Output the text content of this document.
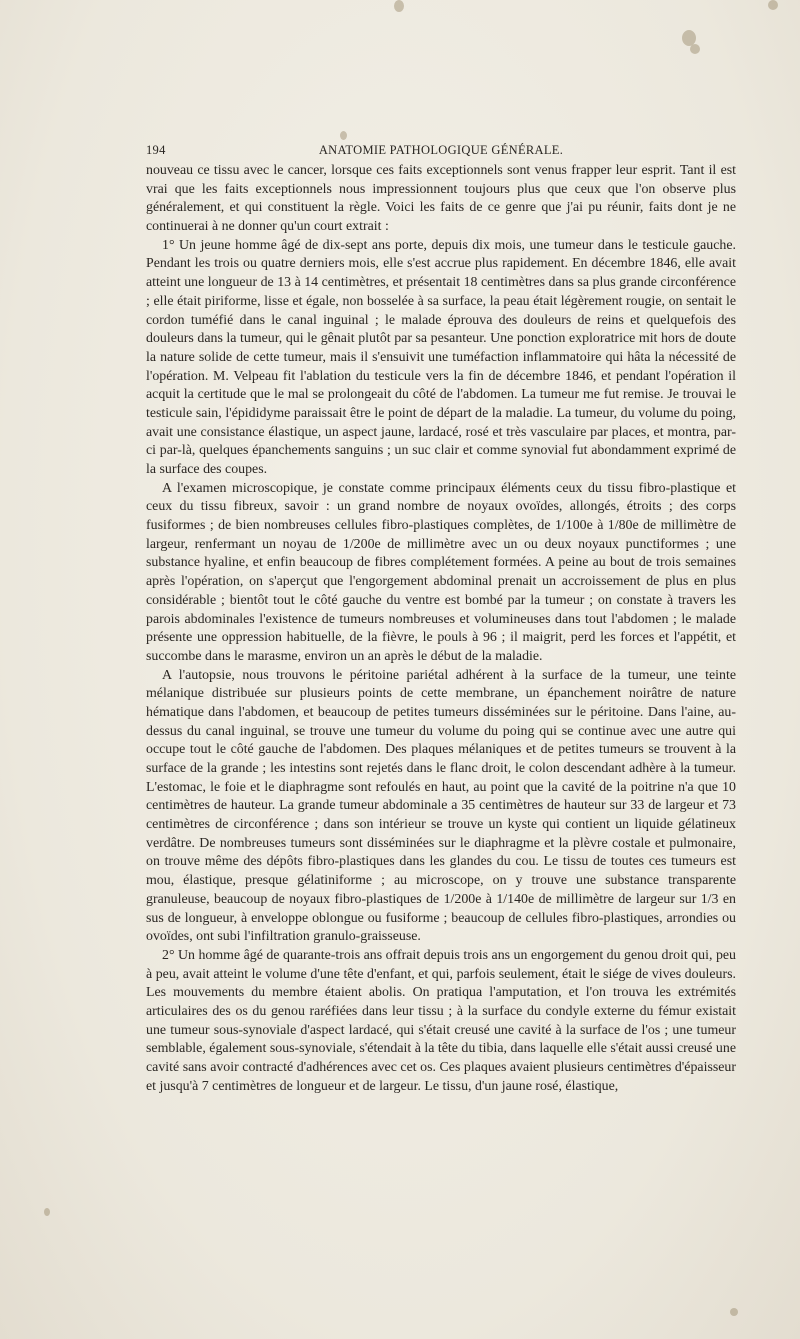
194	ANATOMIE PATHOLOGIQUE GÉNÉRALE.

nouveau ce tissu avec le cancer, lorsque ces faits exceptionnels sont venus frapper leur esprit. Tant il est vrai que les faits exceptionnels nous impressionnent toujours plus que ceux que l'on observe plus généralement, et qui constituent la règle. Voici les faits de ce genre que j'ai pu réunir, faits dont je ne continuerai à ne donner qu'un court extrait :

1° Un jeune homme âgé de dix-sept ans porte, depuis dix mois, une tumeur dans le testicule gauche. Pendant les trois ou quatre derniers mois, elle s'est accrue plus rapidement. En décembre 1846, elle avait atteint une longueur de 13 à 14 centimètres, et présentait 18 centimètres dans sa plus grande circonférence ; elle était piriforme, lisse et égale, non bosselée à sa surface, la peau était légèrement rougie, on sentait le cordon tuméfié dans le canal inguinal ; le malade éprouva des douleurs de reins et quelquefois des douleurs dans la tumeur, qui le gênait plutôt par sa pesanteur. Une ponction exploratrice mit hors de doute la nature solide de cette tumeur, mais il s'ensuivit une tuméfaction inflammatoire qui hâta la nécessité de l'opération. M. Velpeau fit l'ablation du testicule vers la fin de décembre 1846, et pendant l'opération il acquit la certitude que le mal se prolongeait du côté de l'abdomen. La tumeur me fut remise. Je trouvai le testicule sain, l'épididyme paraissait être le point de départ de la maladie. La tumeur, du volume du poing, avait une consistance élastique, un aspect jaune, lardacé, rosé et très vasculaire par places, et montra, par-ci par-là, quelques épanchements sanguins ; un suc clair et comme synovial fut abondamment exprimé de la surface des coupes.

A l'examen microscopique, je constate comme principaux éléments ceux du tissu fibro-plastique et ceux du tissu fibreux, savoir : un grand nombre de noyaux ovoïdes, allongés, étroits ; des corps fusiformes ; de bien nombreuses cellules fibro-plastiques complètes, de 1/100e à 1/80e de millimètre de largeur, renfermant un noyau de 1/200e de millimètre avec un ou deux noyaux punctiformes ; une substance hyaline, et enfin beaucoup de fibres complétement formées. A peine au bout de trois semaines après l'opération, on s'aperçut que l'engorgement abdominal prenait un accroissement de plus en plus considérable ; bientôt tout le côté gauche du ventre est bombé par la tumeur ; on constate à travers les parois abdominales l'existence de tumeurs nombreuses et volumineuses dans tout l'abdomen ; le malade présente une oppression habituelle, de la fièvre, le pouls à 96 ; il maigrit, perd les forces et l'appétit, et succombe dans le marasme, environ un an après le début de la maladie.

A l'autopsie, nous trouvons le péritoine pariétal adhérent à la surface de la tumeur, une teinte mélanique distribuée sur plusieurs points de cette membrane, un épanchement noirâtre de nature hématique dans l'abdomen, et beaucoup de petites tumeurs disséminées sur le péritoine. Dans l'aine, au-dessus du canal inguinal, se trouve une tumeur du volume du poing qui se continue avec une autre qui occupe tout le côté gauche de l'abdomen. Des plaques mélaniques et de petites tumeurs se trouvent à la surface de la grande ; les intestins sont rejetés dans le flanc droit, le colon descendant adhère à la tumeur. L'estomac, le foie et le diaphragme sont refoulés en haut, au point que la cavité de la poitrine n'a que 10 centimètres de hauteur. La grande tumeur abdominale a 35 centimètres de hauteur sur 33 de largeur et 73 centimètres de circonférence ; dans son intérieur se trouve un kyste qui contient un liquide gélatineux verdâtre. De nombreuses tumeurs sont disséminées sur le diaphragme et la plèvre costale et pulmonaire, on trouve même des dépôts fibro-plastiques dans les glandes du cou. Le tissu de toutes ces tumeurs est mou, élastique, presque gélatiniforme ; au microscope, on y trouve une substance transparente granuleuse, beaucoup de noyaux fibro-plastiques de 1/200e à 1/140e de millimètre de largeur sur 1/3 en sus de longueur, à enveloppe oblongue ou fusiforme ; beaucoup de cellules fibro-plastiques, arrondies ou ovoïdes, ont subi l'infiltration granulo-graisseuse.

2° Un homme âgé de quarante-trois ans offrait depuis trois ans un engorgement du genou droit qui, peu à peu, avait atteint le volume d'une tête d'enfant, et qui, parfois seulement, était le siége de vives douleurs. Les mouvements du membre étaient abolis. On pratiqua l'amputation, et l'on trouva les extrémités articulaires des os du genou raréfiées dans leur tissu ; à la surface du condyle externe du fémur existait une tumeur sous-synoviale d'aspect lardacé, qui s'était creusé une cavité à la surface de l'os ; une tumeur semblable, également sous-synoviale, s'étendait à la tête du tibia, dans laquelle elle s'était aussi creusé une cavité sans avoir contracté d'adhérences avec cet os. Ces plaques avaient plusieurs centimètres d'épaisseur et jusqu'à 7 centimètres de longueur et de largeur. Le tissu, d'un jaune rosé, élastique,
